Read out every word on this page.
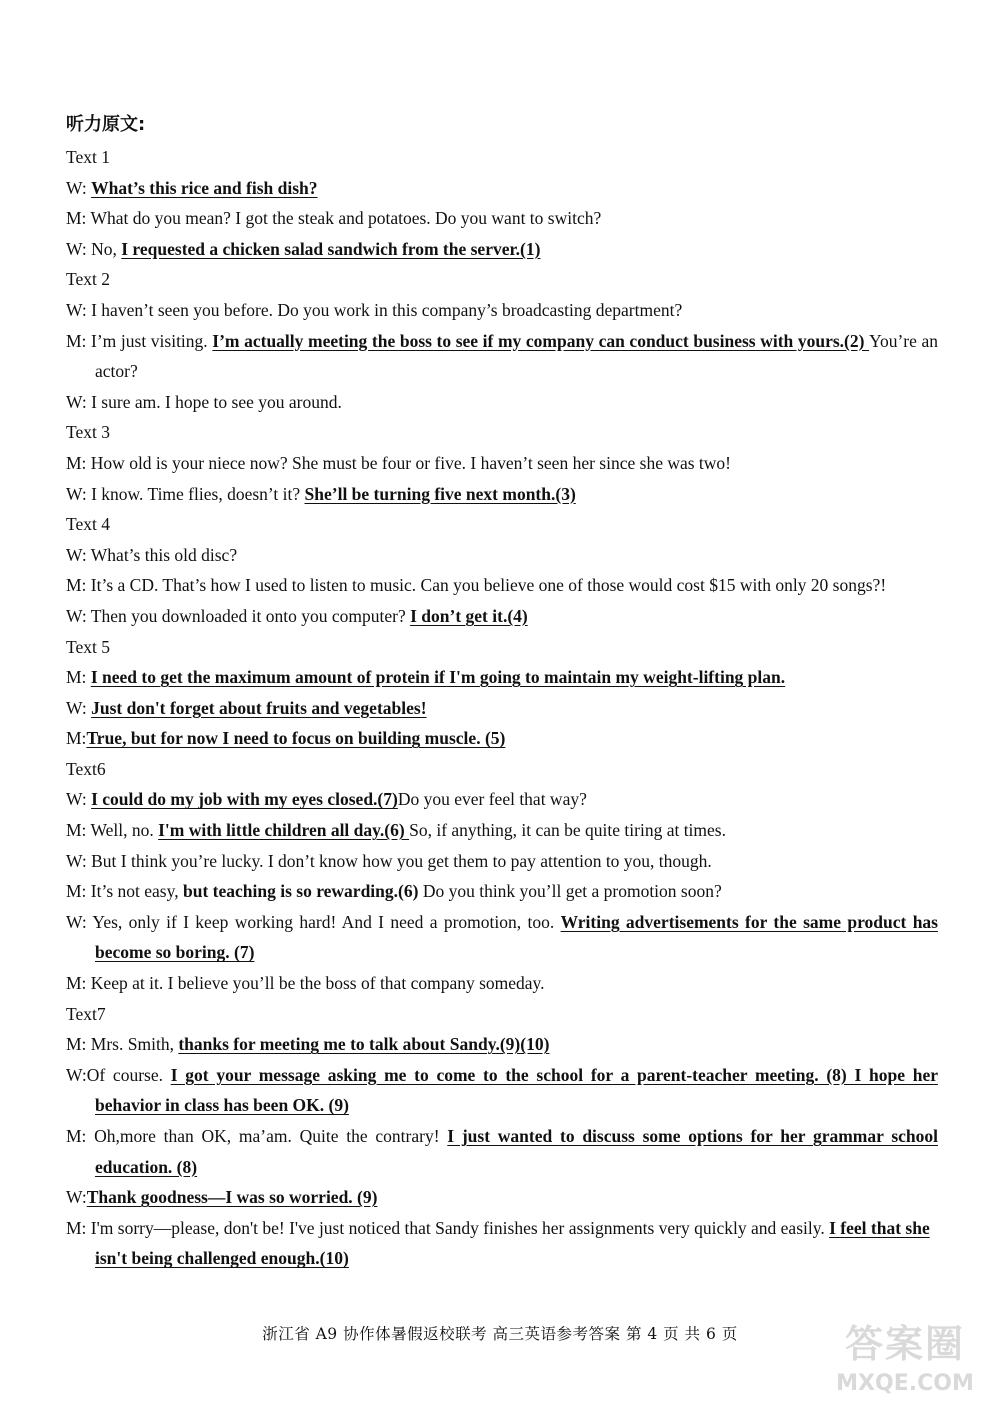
听力原文:
Text 1
W: What’s this rice and fish dish?
M: What do you mean? I got the steak and potatoes. Do you want to switch?
W: No, I requested a chicken salad sandwich from the server.(1)
Text 2
W: I haven’t seen you before. Do you work in this company’s broadcasting department?
M: I’m just visiting. I’m actually meeting the boss to see if my company can conduct business with yours.(2) You’re an actor?
W: I sure am. I hope to see you around.
Text 3
M: How old is your niece now? She must be four or five. I haven’t seen her since she was two!
W: I know. Time flies, doesn’t it? She’ll be turning five next month.(3)
Text 4
W: What’s this old disc?
M: It’s a CD. That’s how I used to listen to music. Can you believe one of those would cost $15 with only 20 songs?!
W: Then you downloaded it onto you computer? I don’t get it.(4)
Text 5
M: I need to get the maximum amount of protein if I'm going to maintain my weight-lifting plan.
W: Just don't forget about fruits and vegetables!
M:True, but for now I need to focus on building muscle. (5)
Text6
W: I could do my job with my eyes closed.(7)Do you ever feel that way?
M: Well, no. I'm with little children all day.(6) So, if anything, it can be quite tiring at times.
W: But I think you’re lucky. I don’t know how you get them to pay attention to you, though.
M: It’s not easy, but teaching is so rewarding.(6) Do you think you’ll get a promotion soon?
W: Yes, only if I keep working hard! And I need a promotion, too. Writing advertisements for the same product has become so boring. (7)
M: Keep at it. I believe you’ll be the boss of that company someday.
Text7
M: Mrs. Smith, thanks for meeting me to talk about Sandy.(9)(10)
W:Of course. I got your message asking me to come to the school for a parent-teacher meeting. (8) I hope her behavior in class has been OK. (9)
M: Oh,more than OK, ma’am. Quite the contrary! I just wanted to discuss some options for her grammar school education. (8)
W:Thank goodness—I was so worried. (9)
M: I'm sorry—please, don't be! I've just noticed that Sandy finishes her assignments very quickly and easily. I feel that she isn't being challenged enough.(10)
浙江省 A9 协作体暑假返校联考 高三英语参考答案 第 4 页 共 6 页	答案圈
MXQE.COM
